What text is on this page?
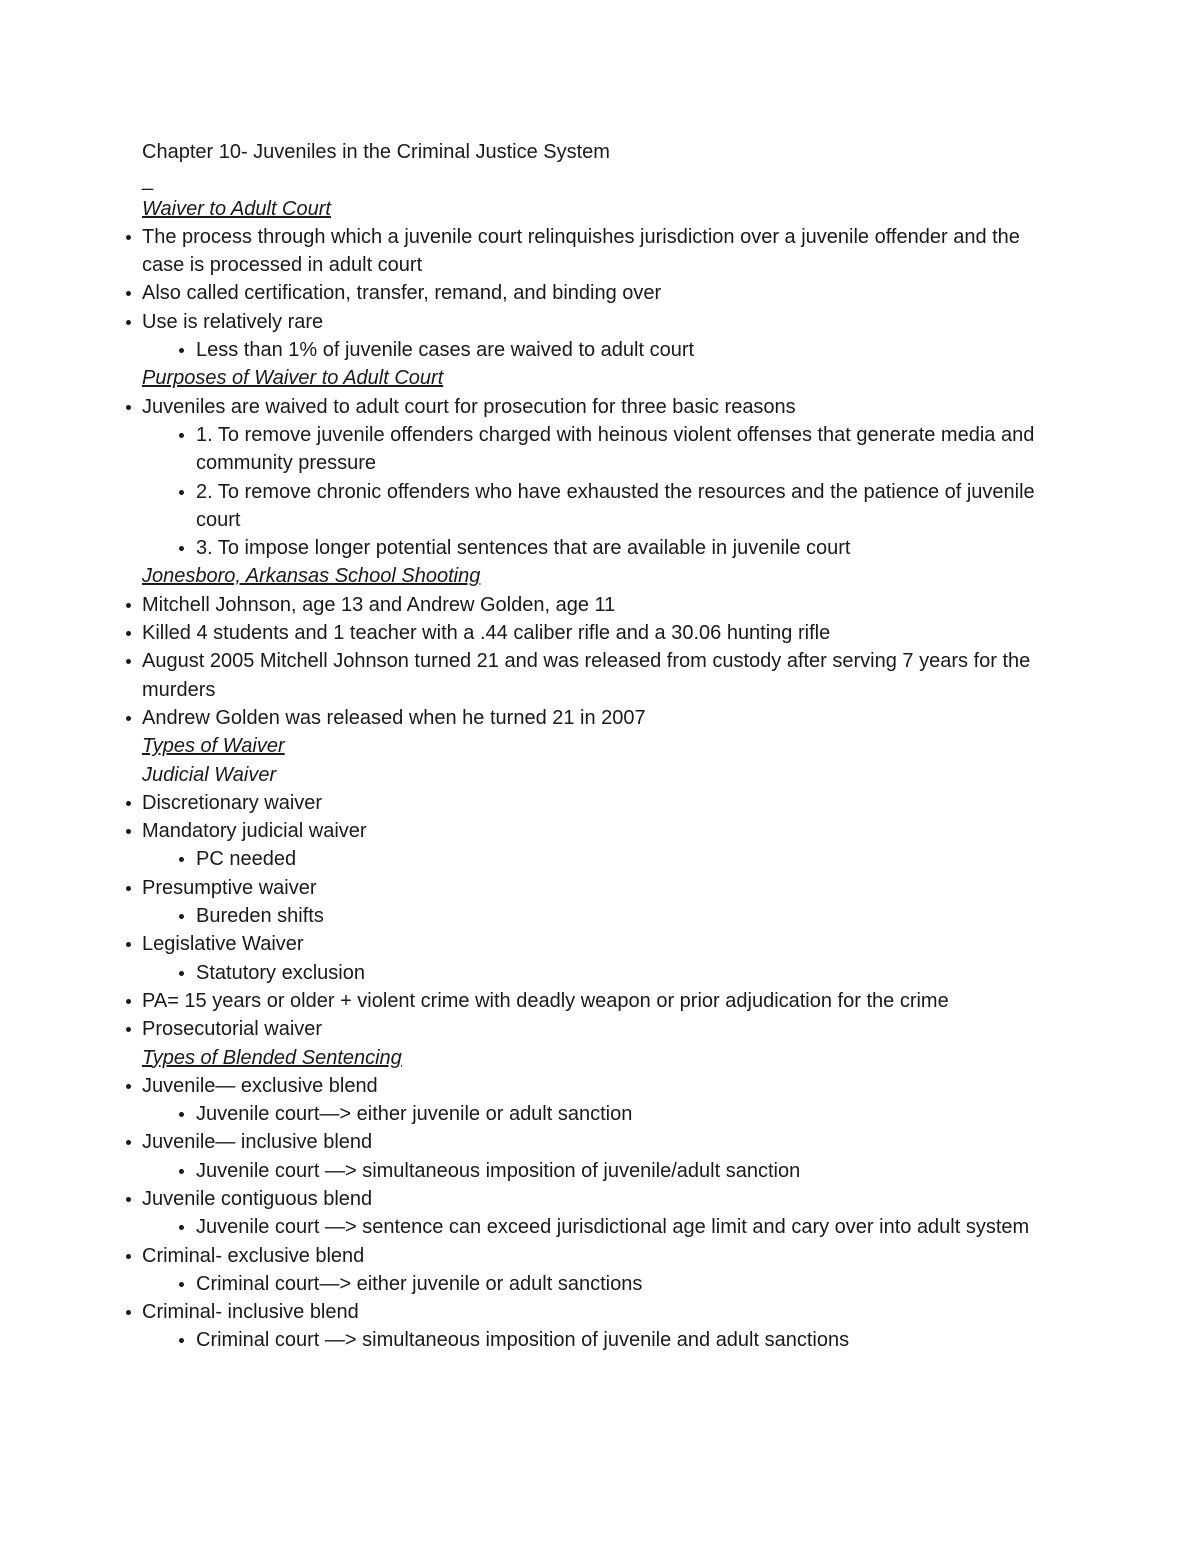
Chapter 10- Juveniles in the Criminal Justice System
_
Waiver to Adult Court
The process through which a juvenile court relinquishes jurisdiction over a juvenile offender and the case is processed in adult court
Also called certification, transfer, remand, and binding over
Use is relatively rare
Less than 1% of juvenile cases are waived to adult court
Purposes of Waiver to Adult Court
Juveniles are waived to adult court for prosecution for three basic reasons
1. To remove juvenile offenders charged with heinous violent offenses that generate media and community pressure
2. To remove chronic offenders who have exhausted the resources and the patience of juvenile court
3. To impose longer potential sentences that are available in juvenile court
Jonesboro, Arkansas School Shooting
Mitchell Johnson, age 13 and Andrew Golden, age 11
Killed 4 students and 1 teacher with a .44 caliber rifle and a 30.06 hunting rifle
August 2005 Mitchell Johnson turned 21 and was released from custody after serving 7 years for the murders
Andrew Golden was released when he turned 21 in 2007
Types of Waiver
Judicial Waiver
Discretionary waiver
Mandatory judicial waiver
PC needed
Presumptive waiver
Bureden shifts
Legislative Waiver
Statutory exclusion
PA= 15 years or older + violent crime with deadly weapon or prior adjudication for the crime
Prosecutorial waiver
Types of Blended Sentencing
Juvenile— exclusive blend
Juvenile court—> either juvenile or adult sanction
Juvenile— inclusive blend
Juvenile court —> simultaneous imposition of juvenile/adult sanction
Juvenile contiguous blend
Juvenile court —> sentence can exceed jurisdictional age limit and cary over into adult system
Criminal- exclusive blend
Criminal court—> either juvenile or adult sanctions
Criminal- inclusive blend
Criminal court —> simultaneous imposition of juvenile and adult sanctions
